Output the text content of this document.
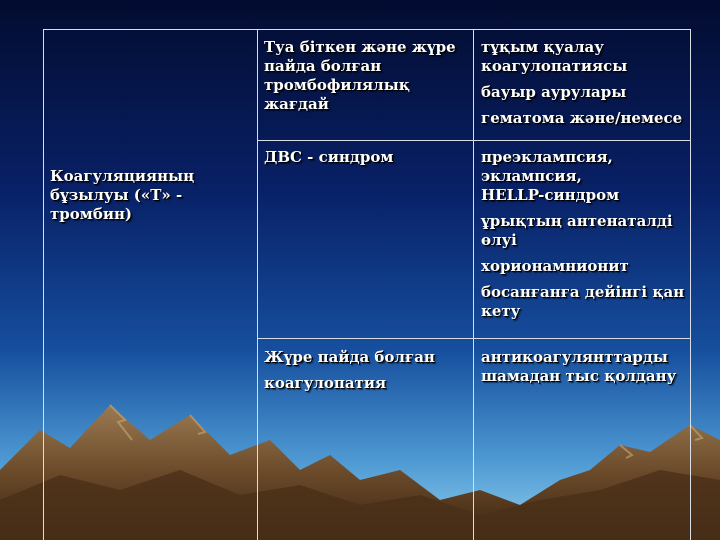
Коагуляцияның бұзылуы («Т» - тромбин)

Туа біткен және жүре пайда болған тромбофилялық жағдай

тұқым қуалау коагулопатиясы

бауыр аурулары

гематома және/немесе

ДВС - синдром	преэклампсия, эклампсия, HELLP-синдром

ұрықтың антенаталді өлуі

хорионамнионит

босанғанға дейінгі қан кету

Жүре пайда болған

коагулопатия

антикоагулянттарды шамадан тыс қолдану
